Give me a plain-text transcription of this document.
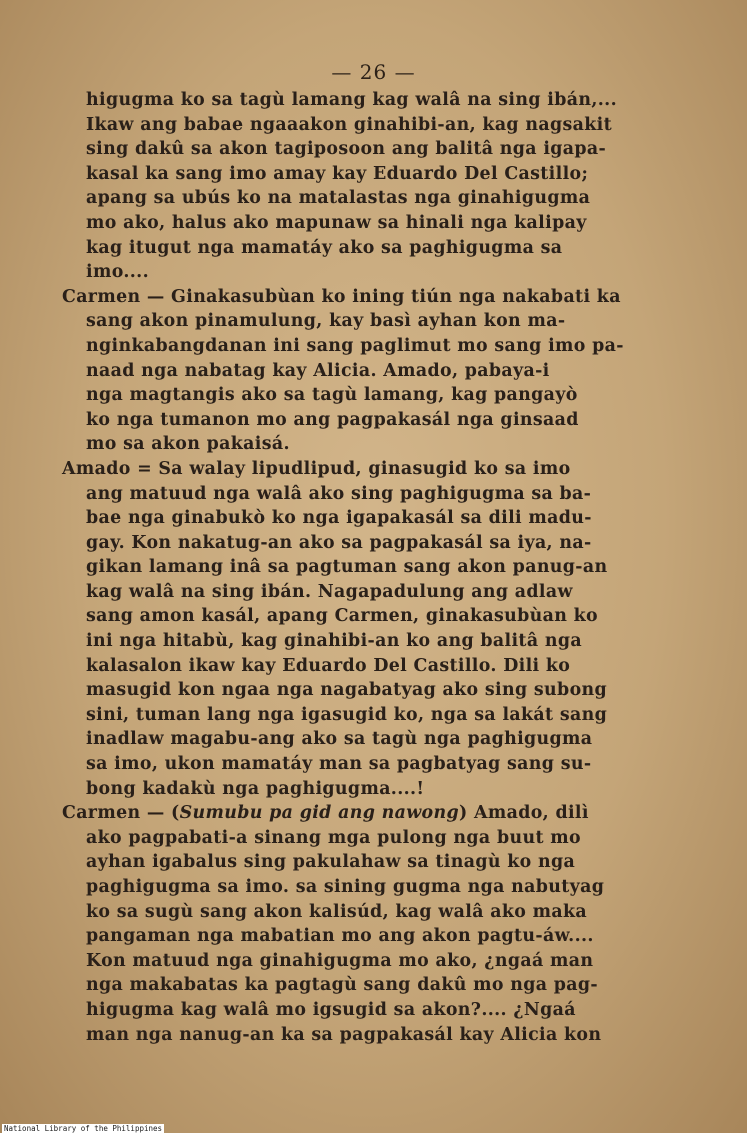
— 26 —
higugma ko sa tagù lamang kag walâ na sing ibán,...
Ikaw ang babae ngaaakon ginahibi-an, kag nagsakit
sing dakû sa akon tagiposoon ang balitâ nga igapa-
kasal ka sang imo amay kay Eduardo Del Castillo;
apang sa ubús ko na matalastas nga ginahigugma
mo ako, halus ako mapunaw sa hinali nga kalipay
kag itugut nga mamatáy ako sa paghigugma sa
imo....
Carmen — Ginakasubùan ko ining tiún nga nakabati ka
sang akon pinamulung, kay basì ayhan kon ma-
nginkabangdanan ini sang paglimut mo sang imo pa-
naad nga nabatag kay Alicia. Amado, pabaya-i
nga magtangis ako sa tagù lamang, kag pangayò
ko nga tumanon mo ang pagpakasál nga ginsaad
mo sa akon pakaisá.
Amado = Sa walay lipudlipud, ginasugid ko sa imo
ang matuud nga walâ ako sing paghigugma sa ba-
bae nga ginabukò ko nga igapakasál sa dili madu-
gay. Kon nakatug-an ako sa pagpakasál sa iya, na-
gikan lamang inâ sa pagtuman sang akon panug-an
kag walâ na sing ibán. Nagapadulung ang adlaw
sang amon kasál, apang Carmen, ginakasubùan ko
ini nga hitabù, kag ginahibi-an ko ang balitâ nga
kalasalon ikaw kay Eduardo Del Castillo. Dili ko
masugid kon ngaa nga nagabatyag ako sing subong
sini, tuman lang nga igasugid ko, nga sa lakát sang
inadlaw magabu-ang ako sa tagù nga paghigugma
sa imo, ukon mamatáy man sa pagbatyag sang su-
bong kadakù nga paghigugma....!
Carmen — (Sumubu pa gid ang nawong) Amado, dilì
ako pagpabati-a sinang mga pulong nga buut mo
ayhan igabalus sing pakulahaw sa tinagù ko nga
paghigugma sa imo. sa sining gugma nga nabutyag
ko sa sugù sang akon kalisúd, kag walâ ako maka
pangaman nga mabatian mo ang akon pagtu-áw....
Kon matuud nga ginahigugma mo ako, ¿ngaá man
nga makabatas ka pagtagù sang dakû mo nga pag-
higugma kag walâ mo igsugid sa akon?.... ¿Ngaá
man nga nanug-an ka sa pagpakasál kay Alicia kon
National Library of the Philippines
